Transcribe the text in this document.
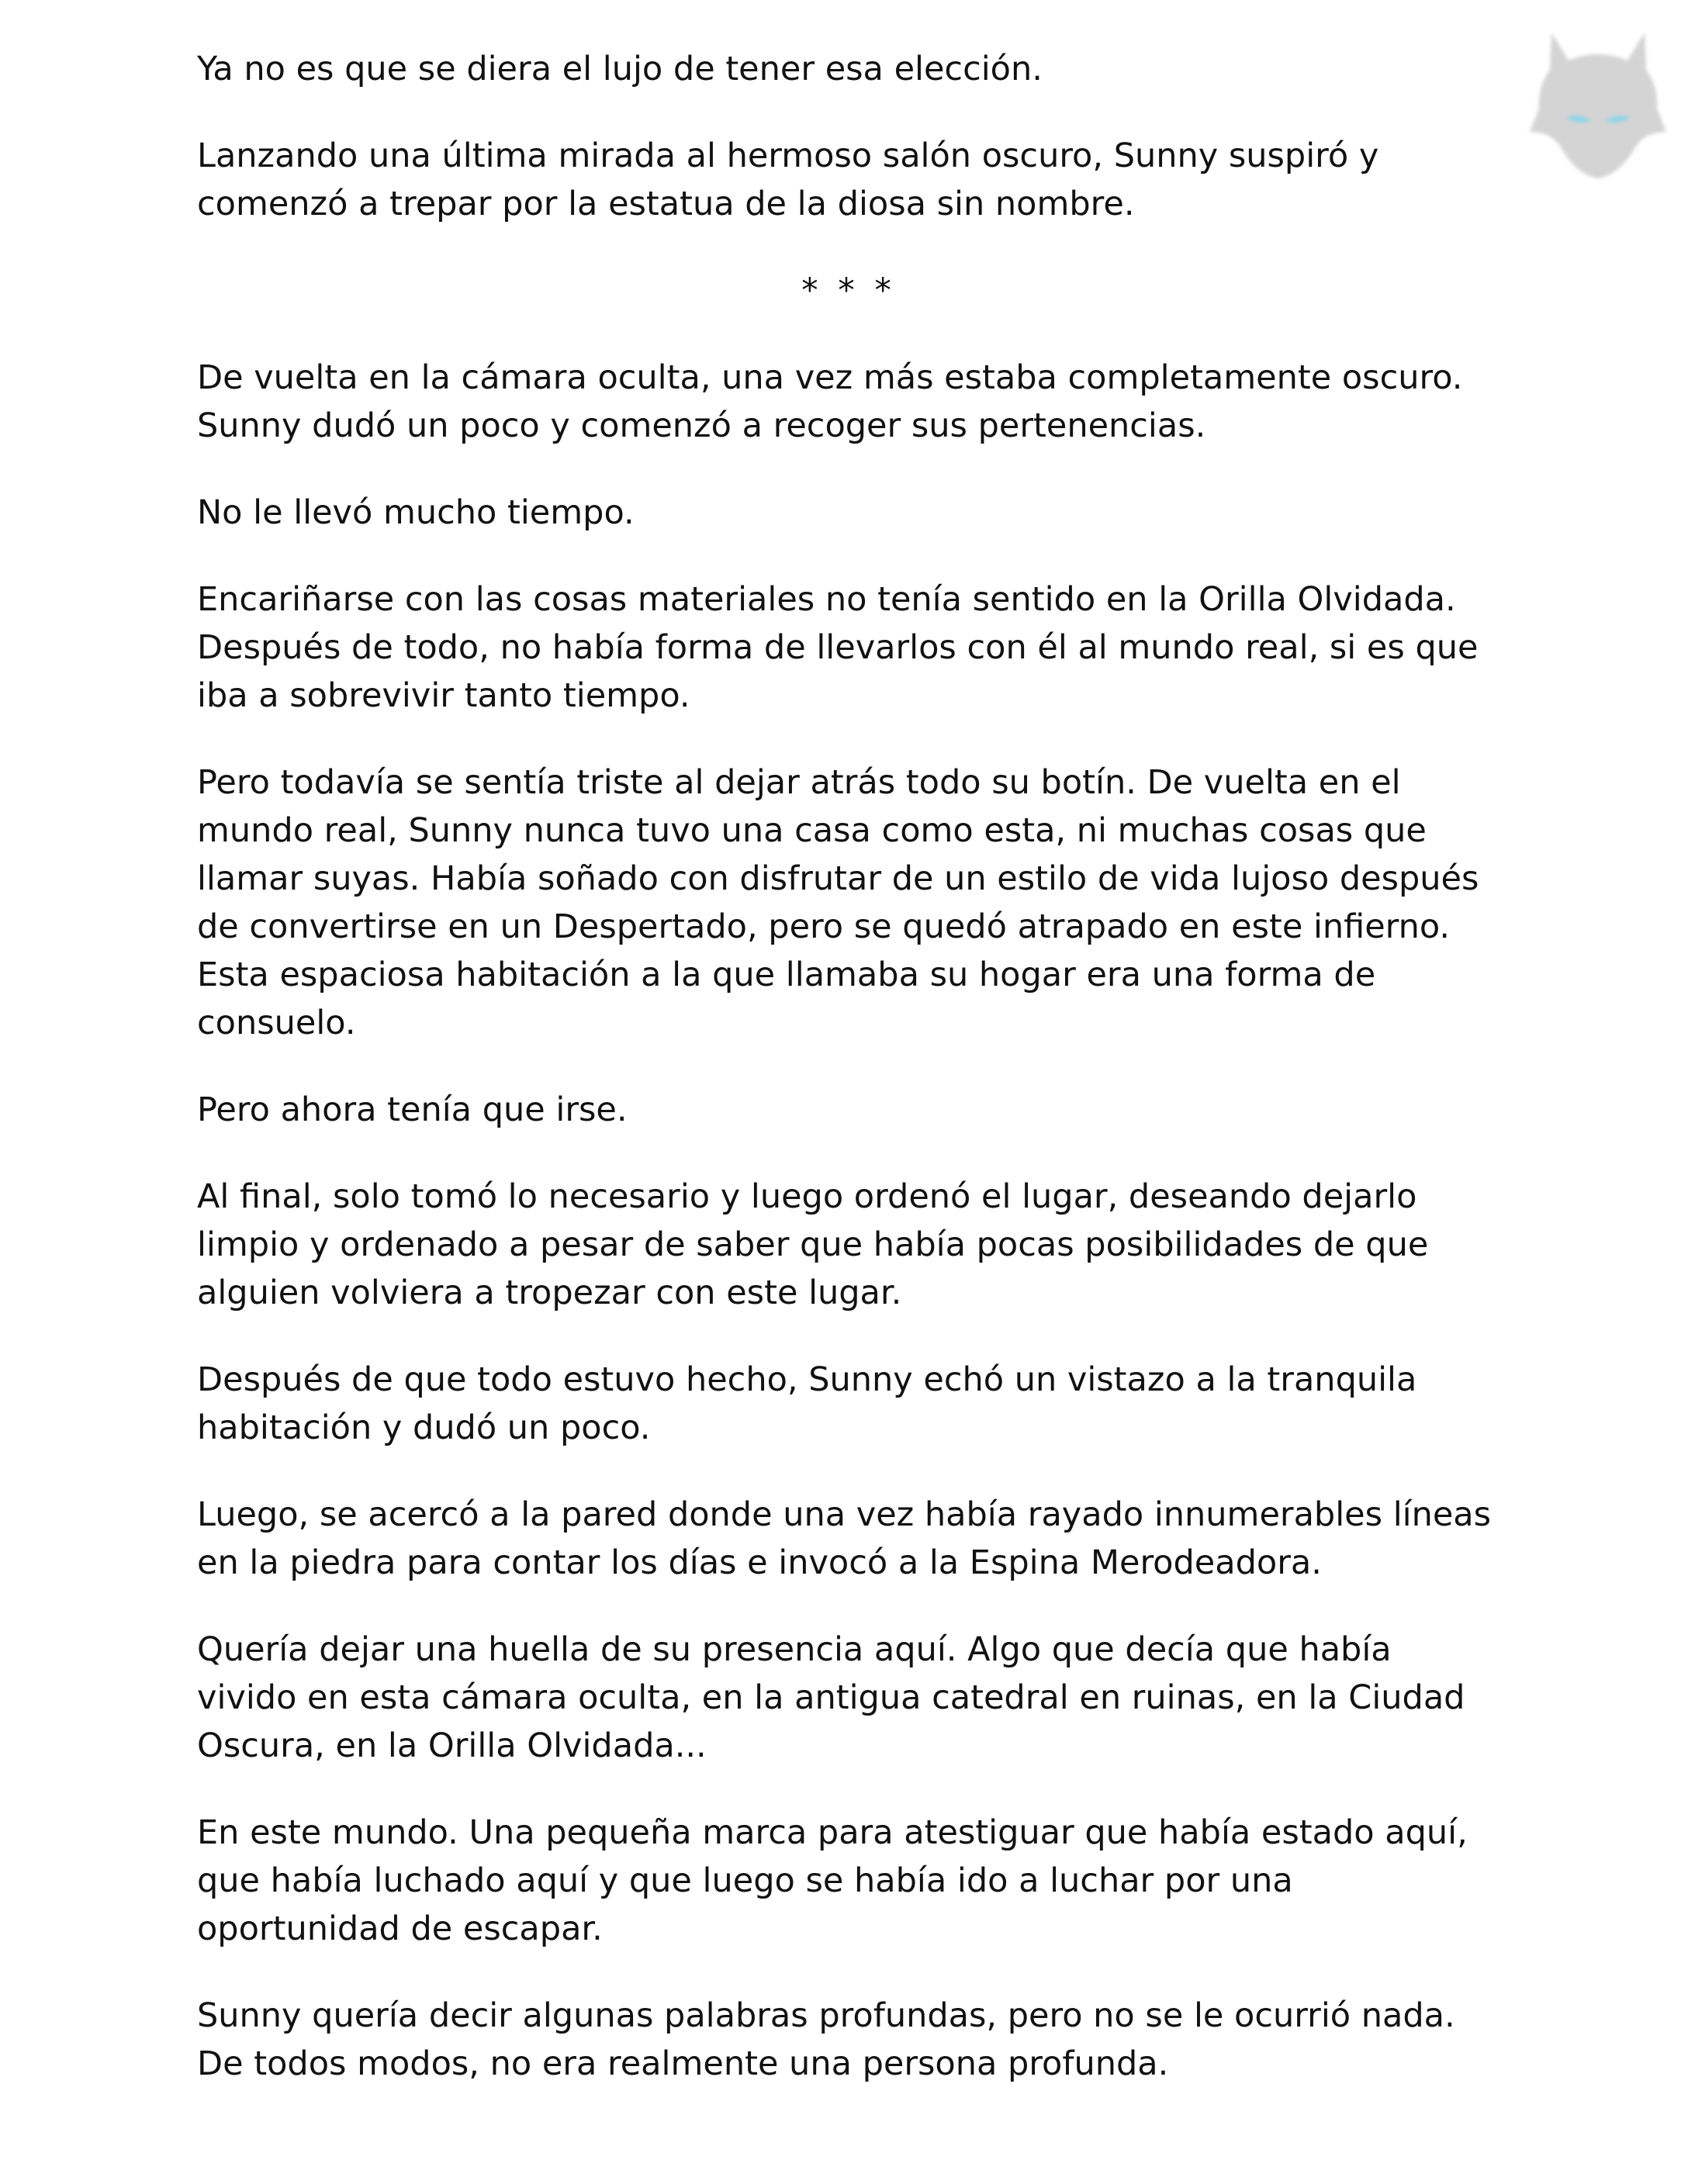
Ya no es que se diera el lujo de tener esa elección.

Lanzando una última mirada al hermoso salón oscuro, Sunny suspiró y comenzó a trepar por la estatua de la diosa sin nombre.

* * *

De vuelta en la cámara oculta, una vez más estaba completamente oscuro. Sunny dudó un poco y comenzó a recoger sus pertenencias.

No le llevó mucho tiempo.

Encariñarse con las cosas materiales no tenía sentido en la Orilla Olvidada. Después de todo, no había forma de llevarlos con él al mundo real, si es que iba a sobrevivir tanto tiempo.

Pero todavía se sentía triste al dejar atrás todo su botín. De vuelta en el mundo real, Sunny nunca tuvo una casa como esta, ni muchas cosas que llamar suyas. Había soñado con disfrutar de un estilo de vida lujoso después de convertirse en un Despertado, pero se quedó atrapado en este infierno. Esta espaciosa habitación a la que llamaba su hogar era una forma de consuelo.

Pero ahora tenía que irse.

Al final, solo tomó lo necesario y luego ordenó el lugar, deseando dejarlo limpio y ordenado a pesar de saber que había pocas posibilidades de que alguien volviera a tropezar con este lugar.

Después de que todo estuvo hecho, Sunny echó un vistazo a la tranquila habitación y dudó un poco.

Luego, se acercó a la pared donde una vez había rayado innumerables líneas en la piedra para contar los días e invocó a la Espina Merodeadora.

Quería dejar una huella de su presencia aquí. Algo que decía que había vivido en esta cámara oculta, en la antigua catedral en ruinas, en la Ciudad Oscura, en la Orilla Olvidada...

En este mundo. Una pequeña marca para atestiguar que había estado aquí, que había luchado aquí y que luego se había ido a luchar por una oportunidad de escapar.

Sunny quería decir algunas palabras profundas, pero no se le ocurrió nada. De todos modos, no era realmente una persona profunda.
